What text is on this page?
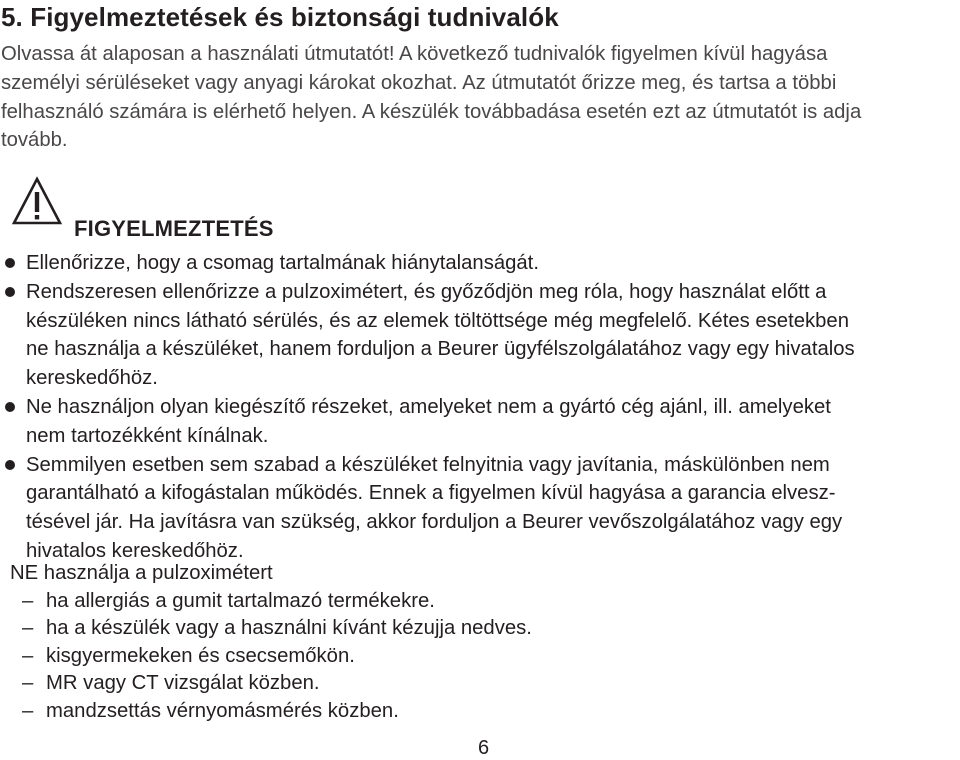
5. Figyelmeztetések és biztonsági tudnivalók
Olvassa át alaposan a használati útmutatót! A következő tudnivalók figyelmen kívül hagyása
személyi sérüléseket vagy anyagi károkat okozhat. Az útmutatót őrizze meg, és tartsa a többi
felhasználó számára is elérhető helyen. A készülék továbbadása esetén ezt az útmutatót is adja
tovább.
FIGYELMEZTETÉS
Ellenőrizze, hogy a csomag tartalmának hiánytalanságát.
Rendszeresen ellenőrizze a pulzoximétert, és győződjön meg róla, hogy használat előtt a
készüléken nincs látható sérülés, és az elemek töltöttsége még megfelelő. Kétes esetekben
ne használja a készüléket, hanem forduljon a Beurer ügyfélszolgálatához vagy egy hivatalos
kereskedőhöz.
Ne használjon olyan kiegészítő részeket, amelyeket nem a gyártó cég ajánl, ill. amelyeket
nem tartozékként kínálnak.
Semmilyen esetben sem szabad a készüléket felnyitnia vagy javítania, máskülönben nem
garantálható a kifogástalan működés. Ennek a figyelmen kívül hagyása a garancia elvesz-
tésével jár. Ha javításra van szükség, akkor forduljon a Beurer vevőszolgálatához vagy egy
hivatalos kereskedőhöz.
NE használja a pulzoximétert
– ha allergiás a gumit tartalmazó termékekre.
– ha a készülék vagy a használni kívánt kézujja nedves.
– kisgyermekeken és csecsemőkön.
– MR vagy CT vizsgálat közben.
– mandzsettás vérnyomásmérés közben.
6
